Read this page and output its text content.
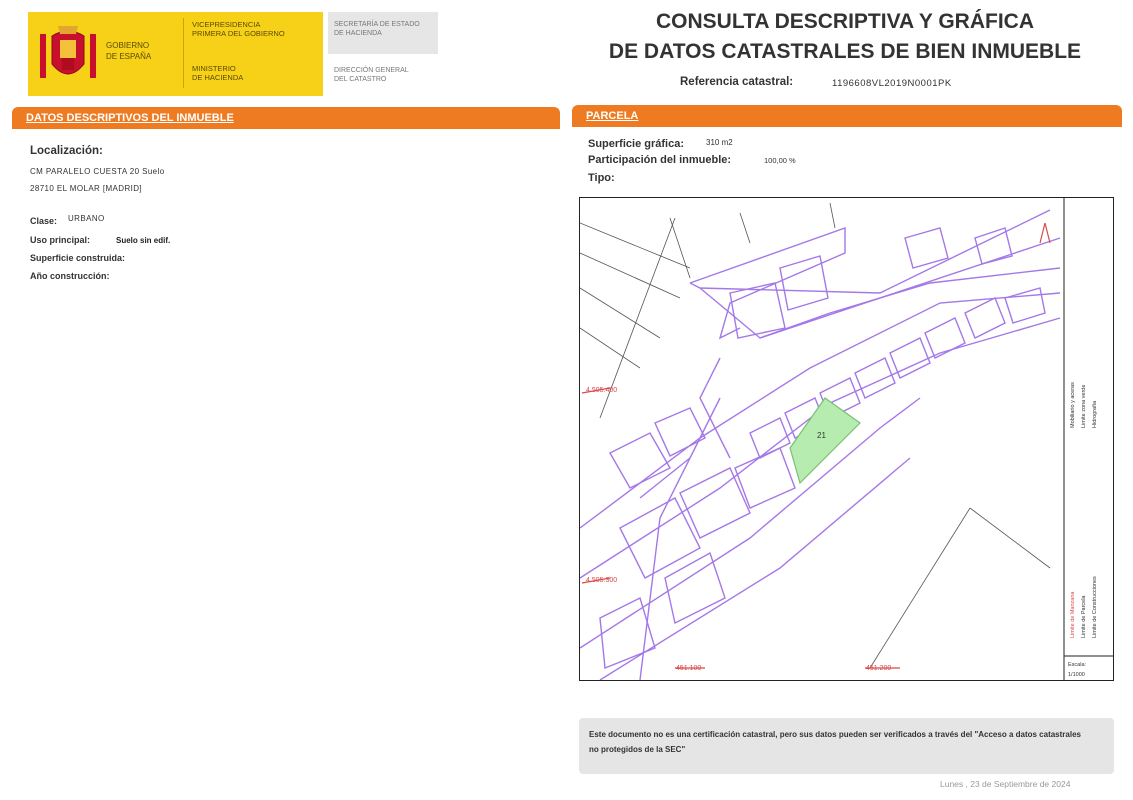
GOBIERNO
DE ESPAÑA
VICEPRESIDENCIA
PRIMERA DEL GOBIERNO
MINISTERIO
DE HACIENDA
SECRETARÍA DE ESTADO
DE HACIENDA
DIRECCIÓN GENERAL
DEL CATASTRO
CONSULTA DESCRIPTIVA Y GRÁFICA
DE DATOS CATASTRALES DE BIEN INMUEBLE
Referencia catastral:	1196608VL2019N0001PK
DATOS DESCRIPTIVOS DEL INMUEBLE
Localización:
CM PARALELO CUESTA 20 Suelo
28710 EL MOLAR [MADRID]
Clase: URBANO
Uso principal:	Suelo sin edif.
Superficie construida:
Año construcción:
PARCELA
Superficie gráfica:	310 m2
Participación del inmueble:	100,00 %
Tipo:
4.505.400
4.505.300
451.100	451.200
21
Limite de Manzana Limite de Parcela Limite de Construcciones
Mobiliario y aceras Limite zona verde Hidrografía
Escala:
1/1000
Este documento no es una certificación catastral, pero sus datos pueden ser verificados a través del "Acceso a datos catastrales no protegidos de la SEC"
Lunes , 23 de Septiembre de 2024
